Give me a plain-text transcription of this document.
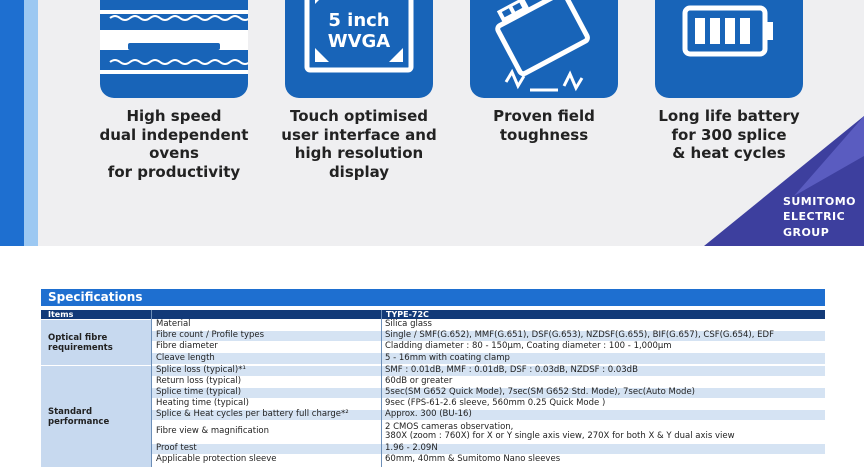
High speed
dual independent ovens
for productivity
5 inch
WVGA
Touch optimised
user interface and
high resolution display
Proven field
toughness
Long life battery
for 300 splice
& heat cycles
SUMITOMO
ELECTRIC
GROUP
Specifications
Items	TYPE-72C
Optical fibre
requirements
Material	Silica glass
Fibre count / Profile types	Single / SMF(G.652), MMF(G.651), DSF(G.653), NZDSF(G.655), BIF(G.657), CSF(G.654), EDF
Fibre diameter	Cladding diameter : 80 - 150µm, Coating diameter : 100 - 1,000µm
Cleave length	5 - 16mm with coating clamp
Standard
performance
Splice loss (typical)*¹	SMF : 0.01dB, MMF : 0.01dB, DSF : 0.03dB, NZDSF : 0.03dB
Return loss (typical)	60dB or greater
Splice time (typical)	5sec(SM G652 Quick Mode), 7sec(SM G652 Std. Mode), 7sec(Auto Mode)
Heating time (typical)	9sec (FPS-61-2.6 sleeve, 560mm 0.25 Quick Mode )
Splice & Heat cycles per battery full charge*²	Approx. 300 (BU-16)
Fibre view & magnification	2 CMOS cameras observation,
380X (zoom : 760X) for X or Y single axis view, 270X for both X & Y dual axis view
Proof test	1.96 - 2.09N
Applicable protection sleeve	60mm, 40mm & Sumitomo Nano sleeves
